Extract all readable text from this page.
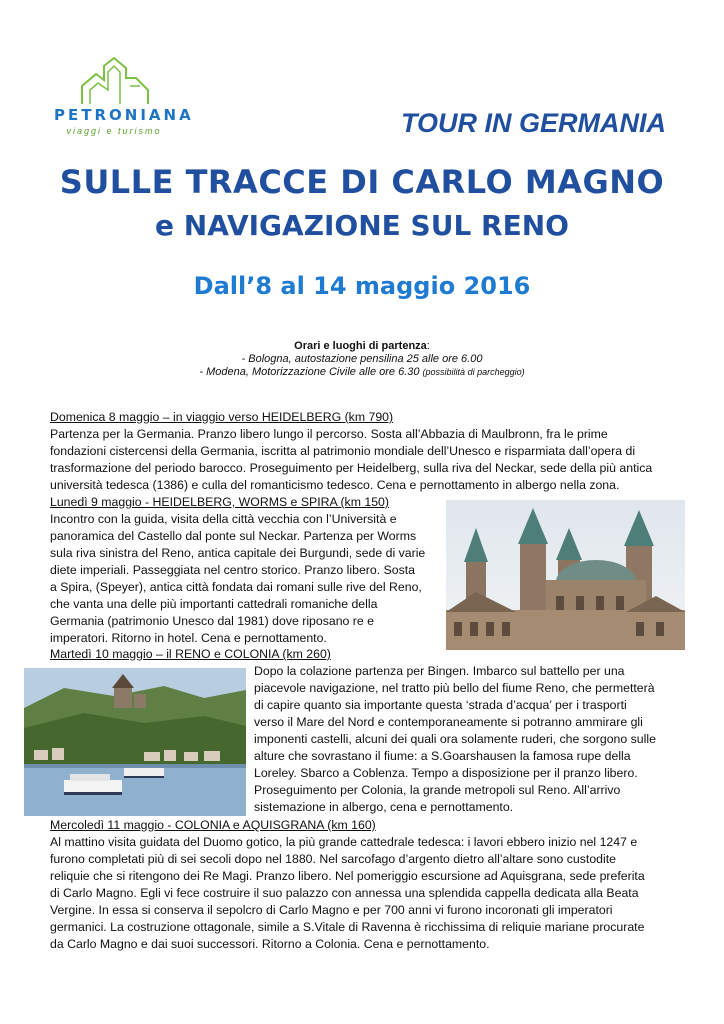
PETRONIANA
viaggi e turismo	TOUR IN GERMANIA
SULLE TRACCE DI CARLO MAGNO
e NAVIGAZIONE SUL RENO
Dall’8 al 14 maggio 2016
Orari e luoghi di partenza:
- Bologna, autostazione pensilina 25 alle ore 6.00
- Modena, Motorizzazione Civile alle ore 6.30 (possibilità di parcheggio)

Domenica 8 maggio – in viaggio verso HEIDELBERG (km 790)

Partenza per la Germania. Pranzo libero lungo il percorso. Sosta all’Abbazia di Maulbronn, fra le prime

fondazioni cistercensi della Germania, iscritta al patrimonio mondiale dell’Unesco e risparmiata dall’opera di

trasformazione del periodo barocco. Proseguimento per Heidelberg, sulla riva del Neckar, sede della più antica

università tedesca (1386) e culla del romanticismo tedesco. Cena e pernottamento in albergo nella zona.

Lunedì 9 maggio - HEIDELBERG, WORMS e SPIRA (km 150)

Incontro con la guida, visita della città vecchia con l’Università e

panoramica del Castello dal ponte sul Neckar. Partenza per Worms

sula riva sinistra del Reno, antica capitale dei Burgundi, sede di varie

diete imperiali. Passeggiata nel centro storico. Pranzo libero. Sosta

a Spira, (Speyer), antica città fondata dai romani sulle rive del Reno,

che vanta una delle più importanti cattedrali romaniche della

Germania (patrimonio Unesco dal 1981) dove riposano re e

imperatori. Ritorno in hotel. Cena e pernottamento.

Martedì 10 maggio – il RENO e COLONIA (km 260)

Dopo la colazione partenza per Bingen. Imbarco sul battello per una

piacevole navigazione, nel tratto più bello del fiume Reno, che permetterà

di capire quanto sia importante questa ‘strada d’acqua’ per i trasporti

verso il Mare del Nord e contemporaneamente si potranno ammirare gli

imponenti castelli, alcuni dei quali ora solamente ruderi, che sorgono sulle

alture che sovrastano il fiume: a S.Goarshausen la famosa rupe della

Loreley. Sbarco a Coblenza. Tempo a disposizione per il pranzo libero.

Proseguimento per Colonia, la grande metropoli sul Reno. All’arrivo

sistemazione in albergo, cena e pernottamento.

Mercoledì 11 maggio - COLONIA e AQUISGRANA (km 160)

Al mattino visita guidata del Duomo gotico, la più grande cattedrale tedesca: i lavori ebbero inizio nel 1247 e

furono completati più di sei secoli dopo nel 1880. Nel sarcofago d’argento dietro all’altare sono custodite

reliquie che si ritengono dei Re Magi. Pranzo libero. Nel pomeriggio escursione ad Aquisgrana, sede preferita

di Carlo Magno. Egli vi fece costruire il suo palazzo con annessa una splendida cappella dedicata alla Beata

Vergine. In essa si conserva il sepolcro di Carlo Magno e per 700 anni vi furono incoronati gli imperatori

germanici. La costruzione ottagonale, simile a S.Vitale di Ravenna è ricchissima di reliquie mariane procurate

da Carlo Magno e dai suoi successori. Ritorno a Colonia. Cena e pernottamento.
